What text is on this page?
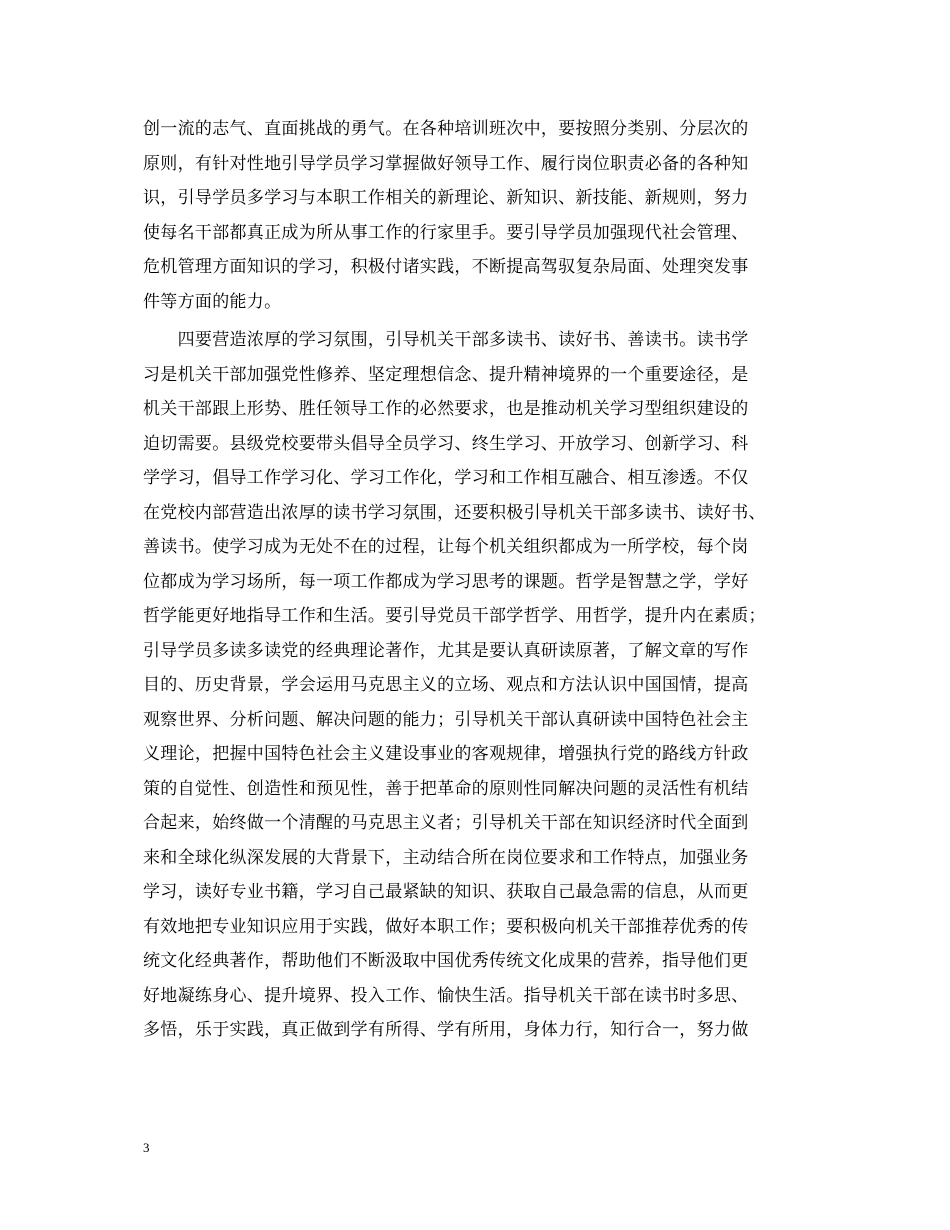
创一流的志气、直面挑战的勇气。在各种培训班次中，要按照分类别、分层次的
原则，有针对性地引导学员学习掌握做好领导工作、履行岗位职责必备的各种知
识，引导学员多学习与本职工作相关的新理论、新知识、新技能、新规则，努力
使每名干部都真正成为所从事工作的行家里手。要引导学员加强现代社会管理、
危机管理方面知识的学习，积极付诸实践，不断提高驾驭复杂局面、处理突发事
件等方面的能力。
　　四要营造浓厚的学习氛围，引导机关干部多读书、读好书、善读书。读书学
习是机关干部加强党性修养、坚定理想信念、提升精神境界的一个重要途径，是
机关干部跟上形势、胜任领导工作的必然要求，也是推动机关学习型组织建设的
迫切需要。县级党校要带头倡导全员学习、终生学习、开放学习、创新学习、科
学学习，倡导工作学习化、学习工作化，学习和工作相互融合、相互渗透。不仅
在党校内部营造出浓厚的读书学习氛围，还要积极引导机关干部多读书、读好书、
善读书。使学习成为无处不在的过程，让每个机关组织都成为一所学校，每个岗
位都成为学习场所，每一项工作都成为学习思考的课题。哲学是智慧之学，学好
哲学能更好地指导工作和生活。要引导党员干部学哲学、用哲学，提升内在素质；
引导学员多读多读党的经典理论著作，尤其是要认真研读原著，了解文章的写作
目的、历史背景，学会运用马克思主义的立场、观点和方法认识中国国情，提高
观察世界、分析问题、解决问题的能力；引导机关干部认真研读中国特色社会主
义理论，把握中国特色社会主义建设事业的客观规律，增强执行党的路线方针政
策的自觉性、创造性和预见性，善于把革命的原则性同解决问题的灵活性有机结
合起来，始终做一个清醒的马克思主义者；引导机关干部在知识经济时代全面到
来和全球化纵深发展的大背景下，主动结合所在岗位要求和工作特点，加强业务
学习，读好专业书籍，学习自己最紧缺的知识、获取自己最急需的信息，从而更
有效地把专业知识应用于实践，做好本职工作；要积极向机关干部推荐优秀的传
统文化经典著作，帮助他们不断汲取中国优秀传统文化成果的营养，指导他们更
好地凝练身心、提升境界、投入工作、愉快生活。指导机关干部在读书时多思、
多悟，乐于实践，真正做到学有所得、学有所用，身体力行，知行合一，努力做
3
